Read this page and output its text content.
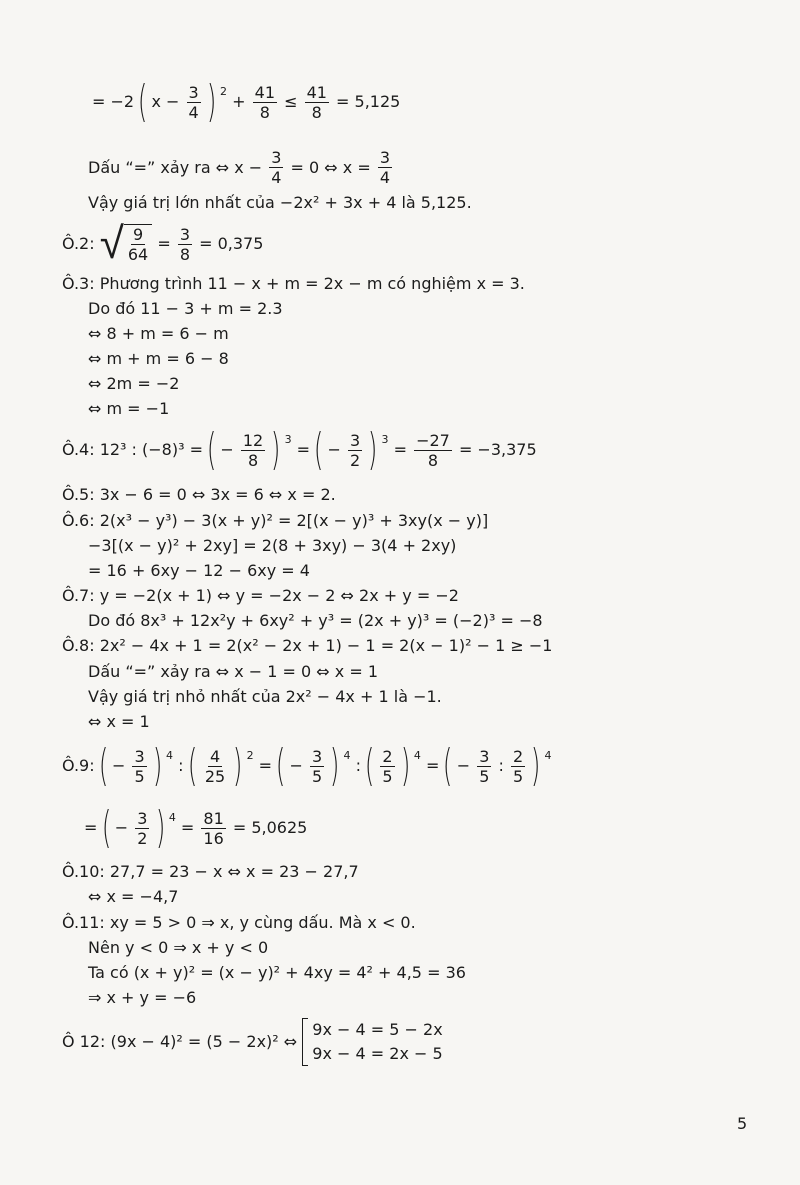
= −2 ( $x - \frac{3}{4}$ ) $2 + \frac{41}{8} \le \frac{41}{8} = 5,125$
Dấu “=” xảy ra ⇔ $x - \frac{3}{4} = 0$ ⇔ $x = \frac{3}{4}$
Vậy giá trị lớn nhất của −2x² + 3x + 4 là 5,125.
Ô.2: √ $\frac{9}{64} = \frac{3}{8} = 0,375$
Ô.3: Phương trình 11 − x + m = 2x − m có nghiệm x = 3.
Do đó 11 − 3 + m = 2.3
⇔ 8 + m = 6 − m
⇔ m + m = 6 − 8
⇔ 2m = −2
⇔ m = −1
Ô.4: 12³ : (−8)³ = ( − $\frac{12}{8}$ ) 3 = ( − $\frac{3}{2}$ ) $3 = \frac{-27}{8} = -3,375$
Ô.5: 3x − 6 = 0 ⇔ 3x = 6 ⇔ x = 2.
Ô.6: 2(x³ − y³) − 3(x + y)² = 2[(x − y)³ + 3xy(x − y)]
−3[(x − y)² + 2xy] = 2(8 + 3xy) − 3(4 + 2xy)
= 16 + 6xy − 12 − 6xy = 4
Ô.7: y = −2(x + 1) ⇔ y = −2x − 2 ⇔ 2x + y = −2
Do đó 8x³ + 12x²y + 6xy² + y³ = (2x + y)³ = (−2)³ = −8
Ô.8: 2x² − 4x + 1 = 2(x² − 2x + 1) − 1 = 2(x − 1)² − 1 ≥ −1
Dấu “=” xảy ra ⇔ x − 1 = 0 ⇔ x = 1
Vậy giá trị nhỏ nhất của 2x² − 4x + 1 là −1.
⇔ x = 1
Ô.9: ( − $\frac{3}{5}$ ) 4 : ( $\frac{4}{25}$ ) 2 = ( − $\frac{3}{5}$ ) 4 : ( $\frac{2}{5}$ ) 4 = ( − $\frac{3}{5}$ : $\frac{2}{5}$ ) 4
= ( − $\frac{3}{2}$ ) $4 = \frac{81}{16} = 5,0625$
Ô.10: 27,7 = 23 − x ⇔ x = 23 − 27,7
⇔ x = −4,7
Ô.11: xy = 5 > 0 ⇒ x, y cùng dấu. Mà x < 0.
Nên y < 0 ⇒ x + y < 0
Ta có (x + y)² = (x − y)² + 4xy = 4² + 4,5 = 36
⇒ x + y = −6
Ô 12: (9x − 4)² = (5 − 2x)² ⇔
9x − 4 = 5 − 2x
9x − 4 = 2x − 5
5
